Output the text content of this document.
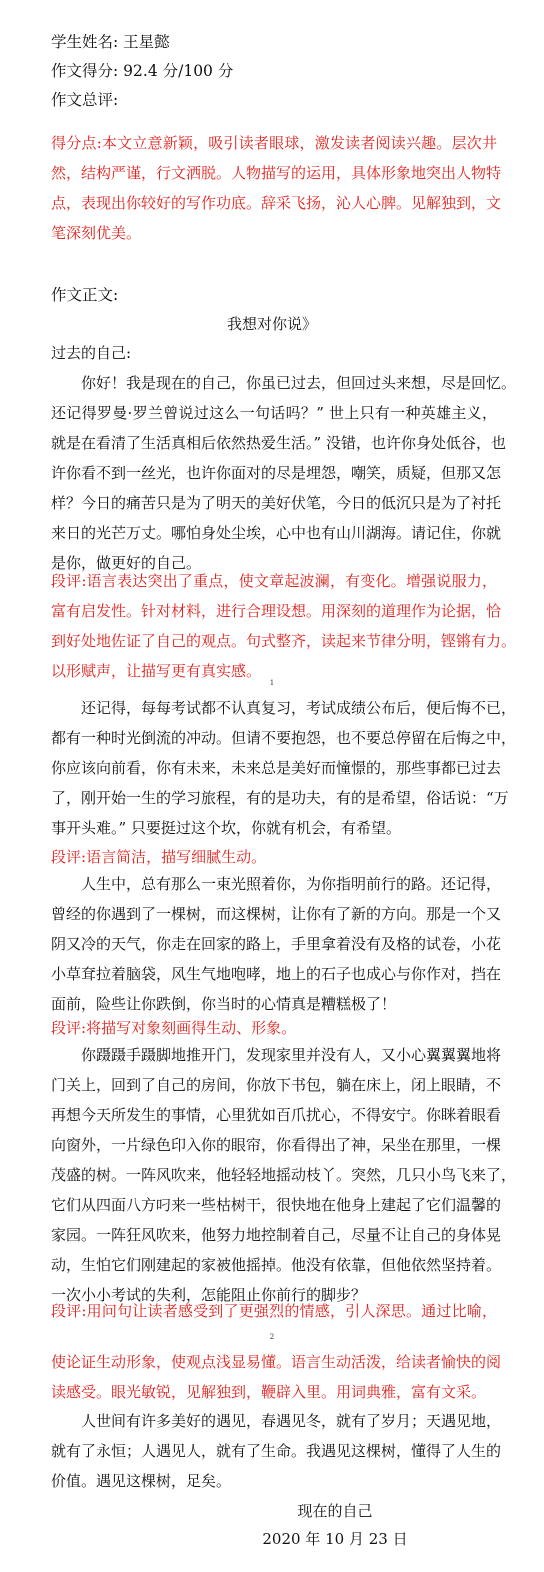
学生姓名: 王星懿
作文得分: 92.4 分/100 分
作文总评:
得分点:本文立意新颖，吸引读者眼球，激发读者阅读兴趣。层次井
然，结构严谨，行文洒脱。人物描写的运用，具体形象地突出人物特
点，表现出你较好的写作功底。辞采飞扬，沁人心脾。见解独到，文
笔深刻优美。
作文正文:
我想对你说》
过去的自己:
你好！我是现在的自己，你虽已过去，但回过头来想，尽是回忆。
还记得罗曼·罗兰曾说过这么一句话吗？” 世上只有一种英雄主义，
就是在看清了生活真相后依然热爱生活。” 没错，也许你身处低谷，也
许你看不到一丝光，也许你面对的尽是埋怨，嘲笑，质疑，但那又怎
样？今日的痛苦只是为了明天的美好伏笔，今日的低沉只是为了衬托
来日的光芒万丈。哪怕身处尘埃，心中也有山川湖海。请记住，你就
是你，做更好的自己。
段评:语言表达突出了重点，使文章起波澜，有变化。增强说服力，
富有启发性。针对材料，进行合理设想。用深刻的道理作为论据，恰
到好处地佐证了自己的观点。句式整齐，读起来节律分明，铿锵有力。
以形赋声，让描写更有真实感。
1
还记得，每每考试都不认真复习，考试成绩公布后，便后悔不已，
都有一种时光倒流的冲动。但请不要抱怨，也不要总停留在后悔之中，
你应该向前看，你有未来，未来总是美好而憧憬的，那些事都已过去
了，刚开始一生的学习旅程，有的是功夫，有的是希望，俗话说：“万
事开头难。” 只要挺过这个坎，你就有机会，有希望。
段评:语言简洁，描写细腻生动。
人生中，总有那么一束光照着你，为你指明前行的路。还记得，
曾经的你遇到了一棵树，而这棵树，让你有了新的方向。那是一个又
阴又冷的天气，你走在回家的路上，手里拿着没有及格的试卷，小花
小草耷拉着脑袋，风生气地咆哮，地上的石子也成心与你作对，挡在
面前，险些让你跌倒，你当时的心情真是糟糕极了！
段评:将描写对象刻画得生动、形象。
你蹑蹑手蹑脚地推开门，发现家里并没有人，又小心翼翼翼地将
门关上，回到了自己的房间，你放下书包，躺在床上，闭上眼睛，不
再想今天所发生的事情，心里犹如百爪扰心，不得安宁。你眯着眼看
向窗外，一片绿色印入你的眼帘，你看得出了神，呆坐在那里，一棵
茂盛的树。一阵风吹来，他轻轻地摇动枝丫。突然，几只小鸟飞来了，
它们从四面八方叼来一些枯树干，很快地在他身上建起了它们温馨的
家园。一阵狂风吹来，他努力地控制着自己，尽量不让自己的身体晃
动，生怕它们刚建起的家被他摇掉。他没有依靠，但他依然坚持着。
一次小小考试的失利，怎能阻止你前行的脚步？
段评:用问句让读者感受到了更强烈的情感，引人深思。通过比喻，
2
使论证生动形象，使观点浅显易懂。语言生动活泼，给读者愉快的阅
读感受。眼光敏锐，见解独到，鞭辟入里。用词典雅，富有文采。
人世间有许多美好的遇见，春遇见冬，就有了岁月；天遇见地，
就有了永恒；人遇见人，就有了生命。我遇见这棵树，懂得了人生的
价值。遇见这棵树，足矣。
现在的自己
2020 年 10 月 23 日
